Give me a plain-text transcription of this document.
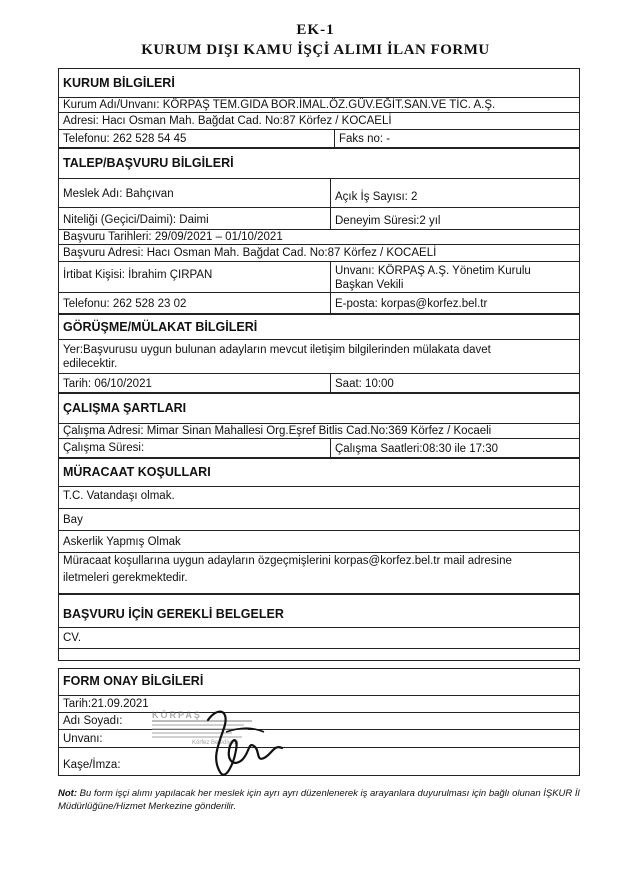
EK-1
KURUM DIŞI KAMU İŞÇİ ALIMI İLAN FORMU
KURUM BİLGİLERİ
Kurum Adı/Unvanı: KÖRPAŞ TEM.GIDA BOR.İMAL.ÖZ.GÜV.EĞİT.SAN.VE TİC. A.Ş.
Adresi: Hacı Osman Mah. Bağdat Cad. No:87 Körfez / KOCAELİ
Telefonu: 262 528 54 45	Faks no: -
TALEP/BAŞVURU BİLGİLERİ
Meslek Adı: Bahçıvan	Açık İş Sayısı: 2
Niteliği (Geçici/Daimi): Daimi	Deneyim Süresi:2 yıl
Başvuru Tarihleri: 29/09/2021 – 01/10/2021
Başvuru Adresi: Hacı Osman Mah. Bağdat Cad. No:87 Körfez / KOCAELİ
İrtibat Kişisi: İbrahim ÇIRPAN	Unvanı: KÖRPAŞ A.Ş. Yönetim Kurulu Başkan Vekili
Telefonu: 262 528 23 02	E-posta: korpas@korfez.bel.tr
GÖRÜŞME/MÜLAKAT BİLGİLERİ
Yer:Başvurusu uygun bulunan adayların mevcut iletişim bilgilerinden mülakata davet edilecektir.
Tarih: 06/10/2021	Saat: 10:00
ÇALIŞMA ŞARTLARI
Çalışma Adresi: Mimar Sinan Mahallesi Org.Eşref Bitlis Cad.No:369 Körfez / Kocaeli
Çalışma Süresi:	Çalışma Saatleri:08:30 ile 17:30
MÜRACAAT KOŞULLARI
T.C. Vatandaşı olmak.
Bay
Askerlik Yapmış Olmak
Müracaat koşullarına uygun adayların özgeçmişlerini korpas@korfez.bel.tr mail adresine iletmeleri gerekmektedir.
BAŞVURU İÇİN GEREKLİ BELGELER
CV.
FORM ONAY BİLGİLERİ
Tarih:21.09.2021
Adı Soyadı:
Unvanı:
Kaşe/İmza:
KÖRPAŞ
Körfez Belediyesi
Not: Bu form işçi alımı yapılacak her meslek için ayrı ayrı düzenlenerek iş arayanlara duyurulması için bağlı olunan İŞKUR İl Müdürlüğüne/Hizmet Merkezine gönderilir.
